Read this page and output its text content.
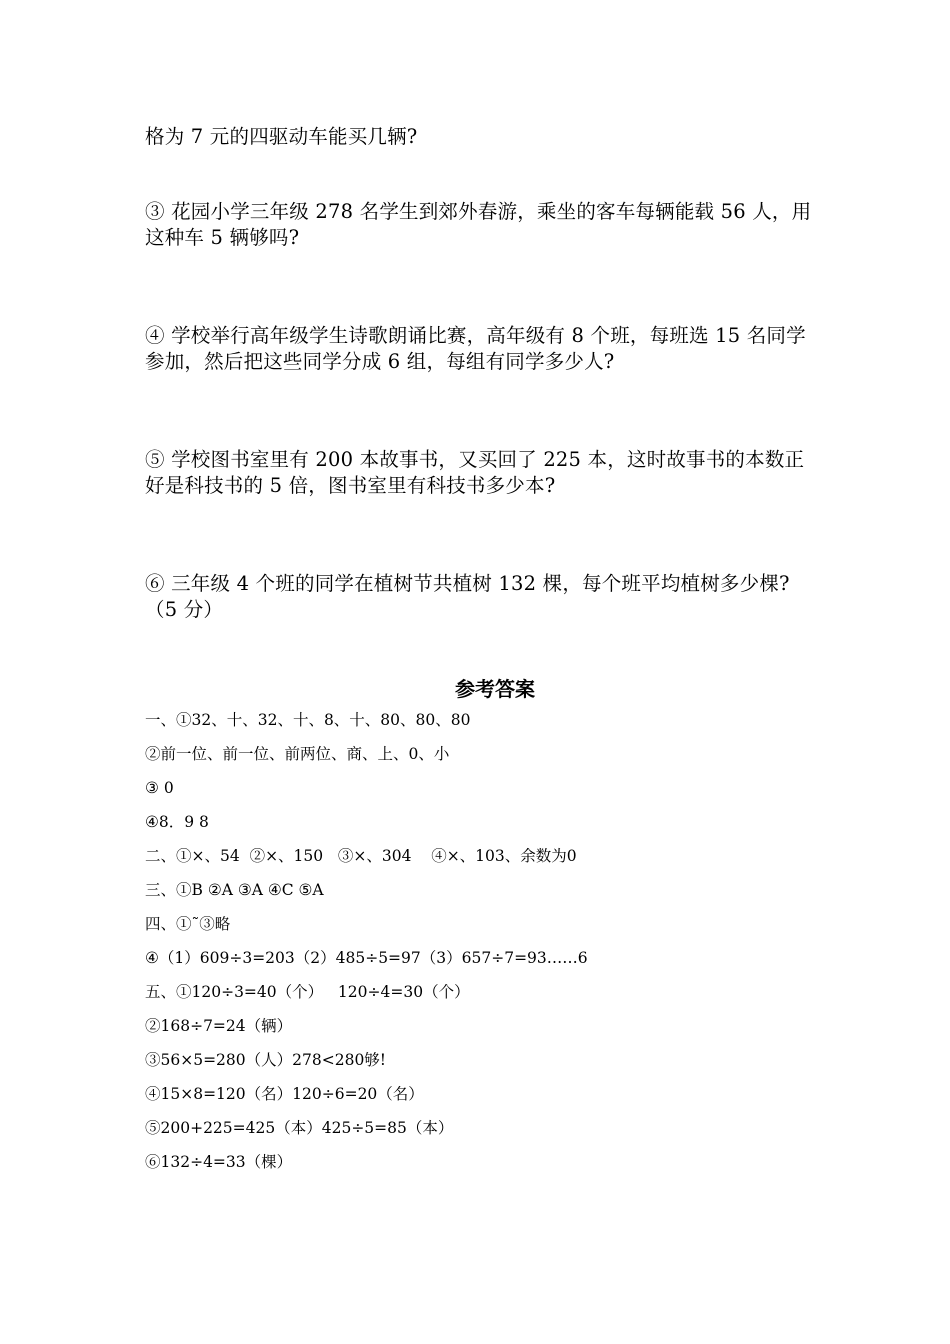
格为 7 元的四驱动车能买几辆?
③ 花园小学三年级 278 名学生到郊外春游，乘坐的客车每辆能载 56 人，用这种车 5 辆够吗?
④ 学校举行高年级学生诗歌朗诵比赛，高年级有 8 个班，每班选 15 名同学参加，然后把这些同学分成 6 组，每组有同学多少人?
⑤ 学校图书室里有 200 本故事书，又买回了 225 本，这时故事书的本数正好是科技书的 5 倍，图书室里有科技书多少本?
⑥ 三年级 4 个班的同学在植树节共植树 132 棵，每个班平均植树多少棵?（5 分）
参考答案
一、①32、十、32、十、8、十、80、80、80
②前一位、前一位、前两位、商、上、0、小
③ 0
④8．9 8
二、①×、54  ②×、150   ③×、304    ④×、103、余数为0
三、①B ②A ③A ④C ⑤A
四、①˜③略
④（1）609÷3=203（2）485÷5=97（3）657÷7=93……6
五、①120÷3=40（个）   120÷4=30（个）
②168÷7=24（辆）
③56×5=280（人）278<280够!
④15×8=120（名）120÷6=20（名）
⑤200+225=425（本）425÷5=85（本）
⑥132÷4=33（棵）
